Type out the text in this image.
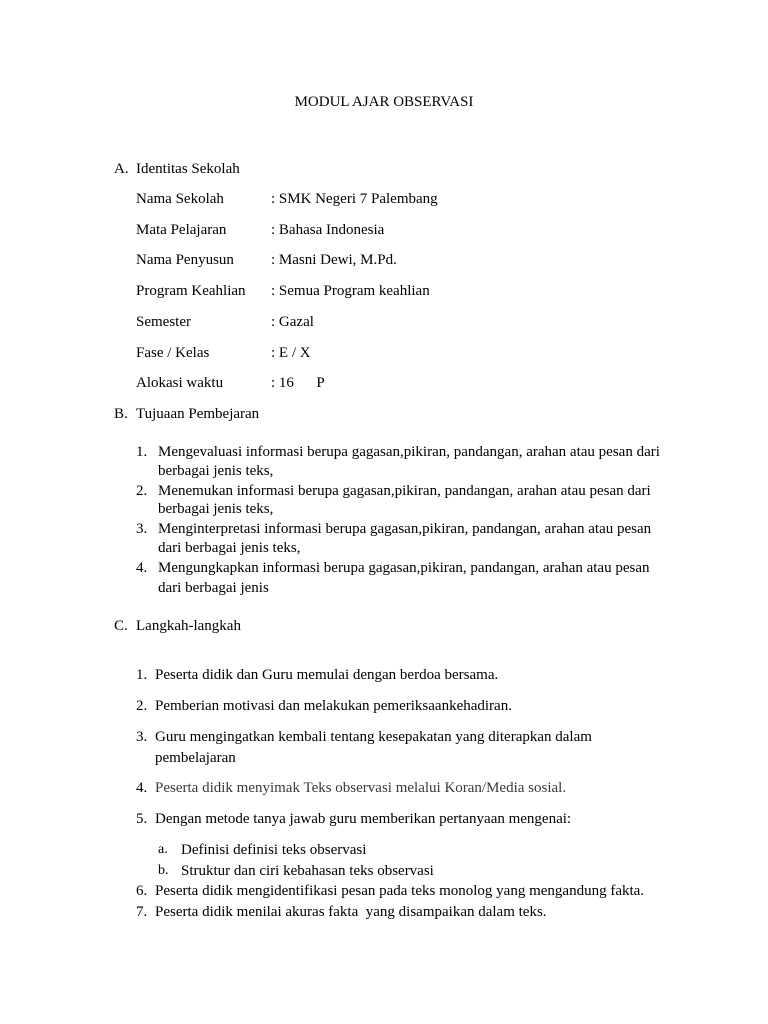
MODUL AJAR OBSERVASI
A. Identitas Sekolah
Nama Sekolah	: SMK Negeri 7 Palembang
Mata Pelajaran	: Bahasa Indonesia
Nama Penyusun : Masni Dewi, M.Pd.
Program Keahlian : Semua Program keahlian
Semester	: Gazal
Fase / Kelas	: E / X
Alokasi waktu	: 16      P
B. Tujuaan Pembejaran
1. Mengevaluasi informasi berupa gagasan,pikiran, pandangan, arahan atau pesan dari
berbagai jenis teks,
2. Menemukan informasi berupa gagasan,pikiran, pandangan, arahan atau pesan dari
berbagai jenis teks,
3. Menginterpretasi informasi berupa gagasan,pikiran, pandangan, arahan atau pesan
dari berbagai jenis teks,
4. Mengungkapkan informasi berupa gagasan,pikiran, pandangan, arahan atau pesan
dari berbagai jenis
C. Langkah-langkah
1. Peserta didik dan Guru memulai dengan berdoa bersama.
2. Pemberian motivasi dan melakukan pemeriksaankehadiran.
3. Guru mengingatkan kembali tentang kesepakatan yang diterapkan dalam
pembelajaran
4. Peserta didik menyimak Teks observasi melalui Koran/Media sosial.
5. Dengan metode tanya jawab guru memberikan pertanyaan mengenai:
a. Definisi definisi teks observasi
b. Struktur dan ciri kebahasan teks observasi
6. Peserta didik mengidentifikasi pesan pada teks monolog yang mengandung fakta.
7. Peserta didik menilai akuras fakta  yang disampaikan dalam teks.
